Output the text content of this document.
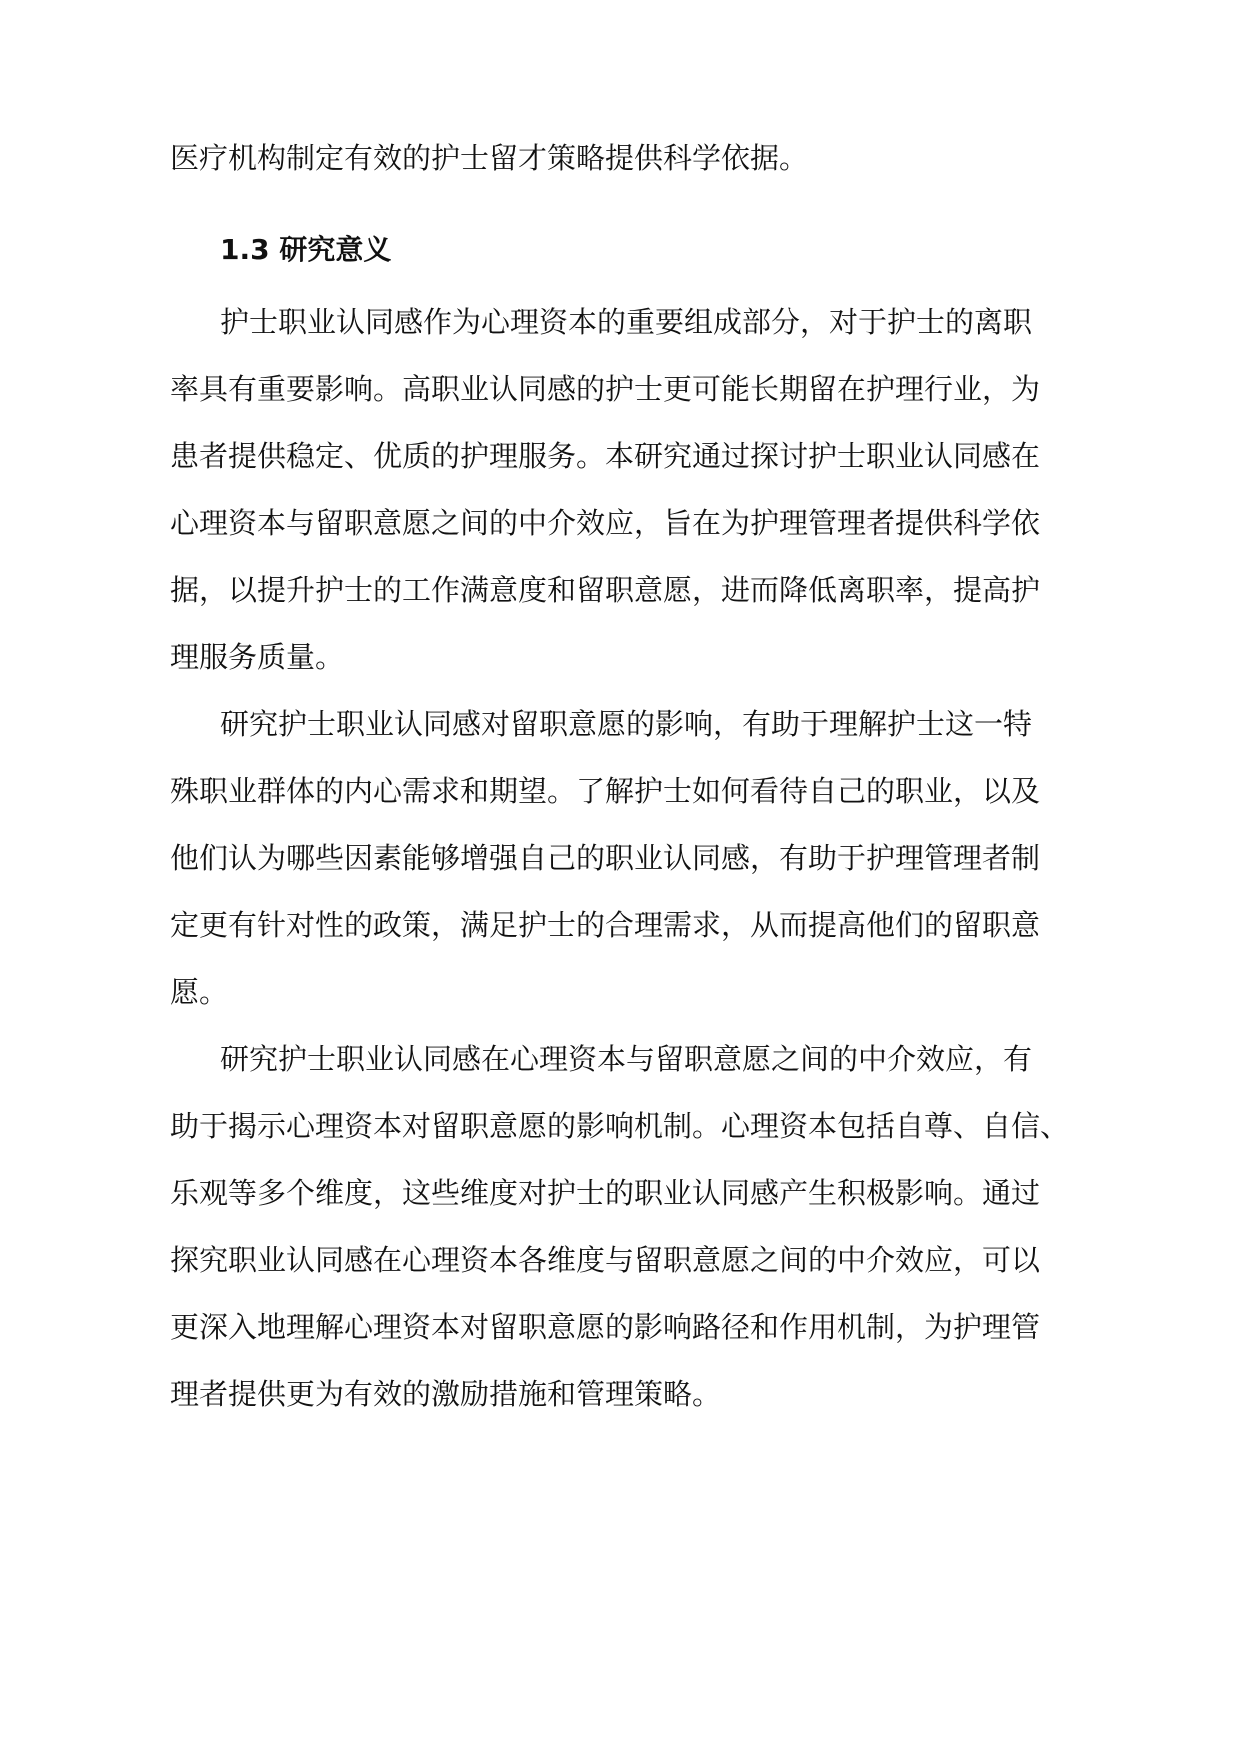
医疗机构制定有效的护士留才策略提供科学依据。
1.3 研究意义
护士职业认同感作为心理资本的重要组成部分，对于护士的离职
率具有重要影响。高职业认同感的护士更可能长期留在护理行业，为
患者提供稳定、优质的护理服务。本研究通过探讨护士职业认同感在
心理资本与留职意愿之间的中介效应，旨在为护理管理者提供科学依
据，以提升护士的工作满意度和留职意愿，进而降低离职率，提高护
理服务质量。
研究护士职业认同感对留职意愿的影响，有助于理解护士这一特
殊职业群体的内心需求和期望。了解护士如何看待自己的职业，以及
他们认为哪些因素能够增强自己的职业认同感，有助于护理管理者制
定更有针对性的政策，满足护士的合理需求，从而提高他们的留职意
愿。
研究护士职业认同感在心理资本与留职意愿之间的中介效应，有
助于揭示心理资本对留职意愿的影响机制。心理资本包括自尊、自信、
乐观等多个维度，这些维度对护士的职业认同感产生积极影响。通过
探究职业认同感在心理资本各维度与留职意愿之间的中介效应，可以
更深入地理解心理资本对留职意愿的影响路径和作用机制，为护理管
理者提供更为有效的激励措施和管理策略。
